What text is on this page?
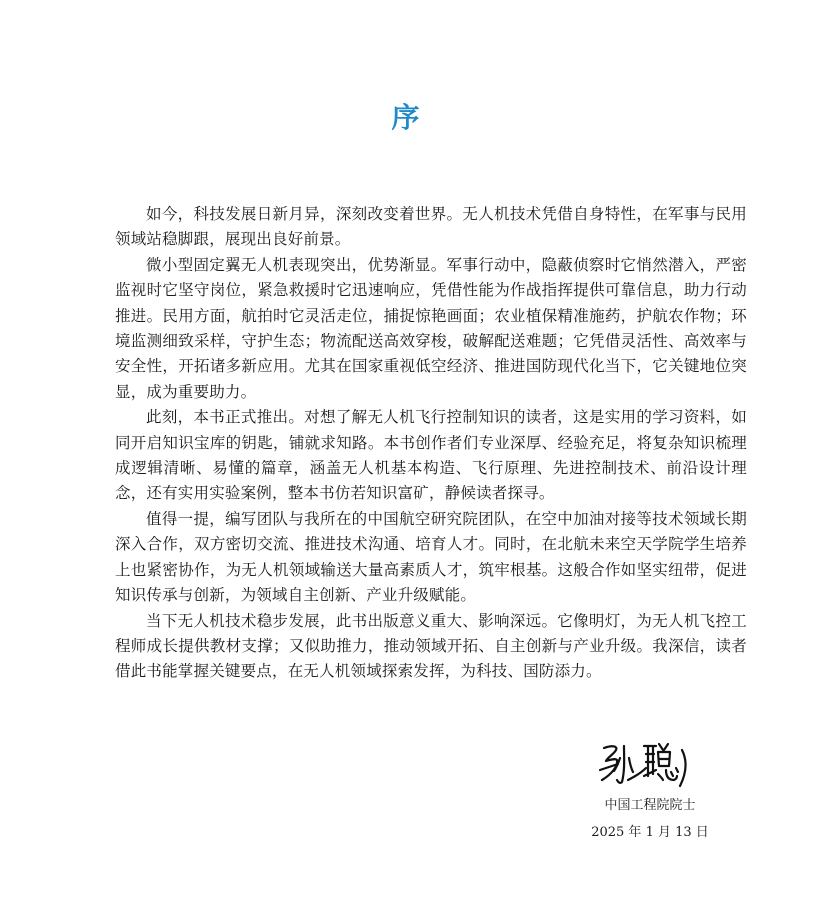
序

如今，科技发展日新月异，深刻改变着世界。无人机技术凭借自身特性，在军事与民用领域站稳脚跟，展现出良好前景。

微小型固定翼无人机表现突出，优势渐显。军事行动中，隐蔽侦察时它悄然潜入，严密监视时它坚守岗位，紧急救援时它迅速响应，凭借性能为作战指挥提供可靠信息，助力行动推进。民用方面，航拍时它灵活走位，捕捉惊艳画面；农业植保精准施药，护航农作物；环境监测细致采样，守护生态；物流配送高效穿梭，破解配送难题；它凭借灵活性、高效率与安全性，开拓诸多新应用。尤其在国家重视低空经济、推进国防现代化当下，它关键地位突显，成为重要助力。

此刻，本书正式推出。对想了解无人机飞行控制知识的读者，这是实用的学习资料，如同开启知识宝库的钥匙，铺就求知路。本书创作者们专业深厚、经验充足，将复杂知识梳理成逻辑清晰、易懂的篇章，涵盖无人机基本构造、飞行原理、先进控制技术、前沿设计理念，还有实用实验案例，整本书仿若知识富矿，静候读者探寻。

值得一提，编写团队与我所在的中国航空研究院团队，在空中加油对接等技术领域长期深入合作，双方密切交流、推进技术沟通、培育人才。同时，在北航未来空天学院学生培养上也紧密协作，为无人机领域输送大量高素质人才，筑牢根基。这般合作如坚实纽带，促进知识传承与创新，为领域自主创新、产业升级赋能。

当下无人机技术稳步发展，此书出版意义重大、影响深远。它像明灯，为无人机飞控工程师成长提供教材支撑；又似助推力，推动领域开拓、自主创新与产业升级。我深信，读者借此书能掌握关键要点，在无人机领域探索发挥，为科技、国防添力。

中国工程院院士
2025 年 1 月 13 日
